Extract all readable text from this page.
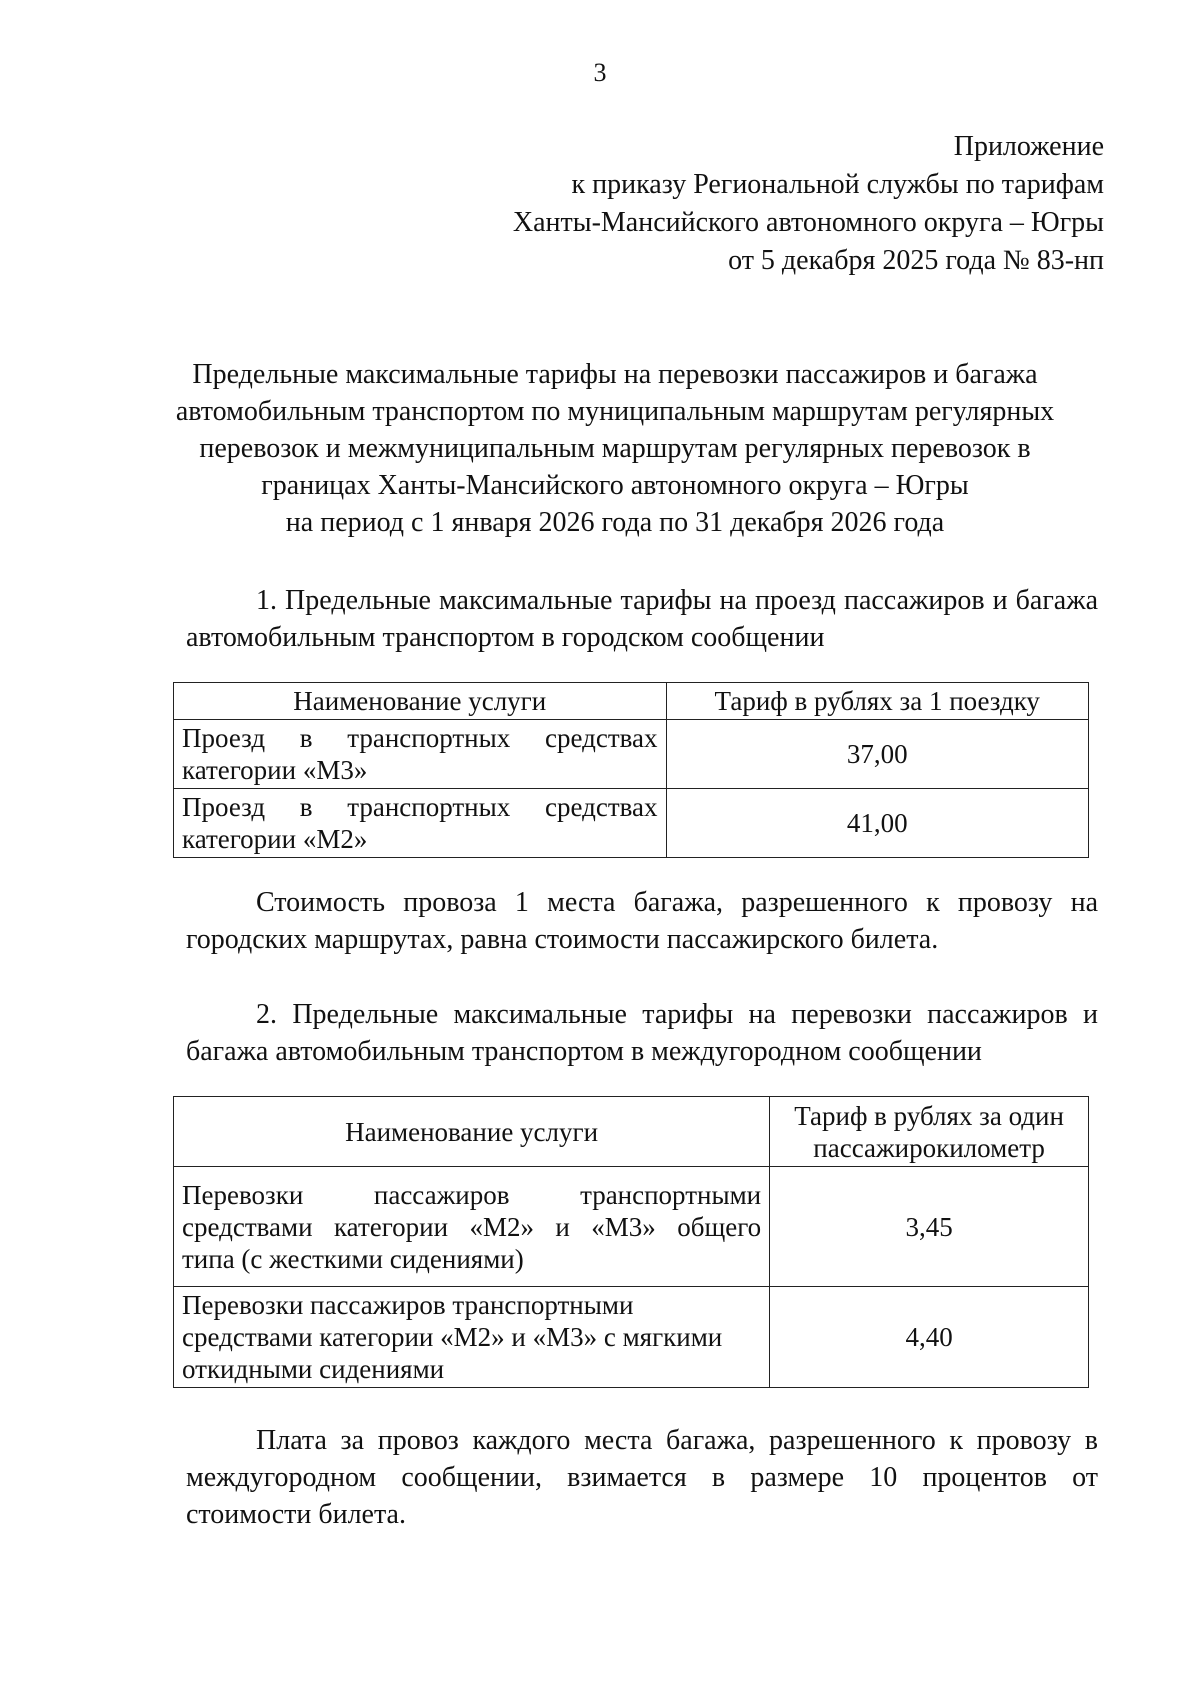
3
Приложение
к приказу Региональной службы по тарифам
Ханты-Мансийского автономного округа – Югры
от 5 декабря 2025 года № 83-нп
Предельные максимальные тарифы на перевозки пассажиров и багажа
автомобильным транспортом по муниципальным маршрутам регулярных
перевозок и межмуниципальным маршрутам регулярных перевозок в
границах Ханты-Мансийского автономного округа – Югры
на период с 1 января 2026 года по 31 декабря 2026 года
1. Предельные максимальные тарифы на проезд пассажиров и багажа
автомобильным транспортом в городском сообщении
Наименование услуги	Тариф в рублях за 1 поездку

Проезд в транспортных средствах
категории «М3»	37,00

Проезд в транспортных средствах
категории «М2»	41,00
Стоимость провоза 1 места багажа, разрешенного к провозу на
городских маршрутах, равна стоимости пассажирского билета.
2. Предельные максимальные тарифы на перевозки пассажиров и
багажа автомобильным транспортом в междугородном сообщении
Наименование услуги	Тариф в рублях за один
пассажирокилометр

Перевозки пассажиров транспортными
средствами категории «М2» и «М3» общего
типа (с жесткими сидениями)	3,45

Перевозки пассажиров транспортными
средствами категории «М2» и «М3» с мягкими
откидными сидениями	4,40
Плата за провоз каждого места багажа, разрешенного к провозу в
междугородном сообщении, взимается в размере 10 процентов от
стоимости билета.
